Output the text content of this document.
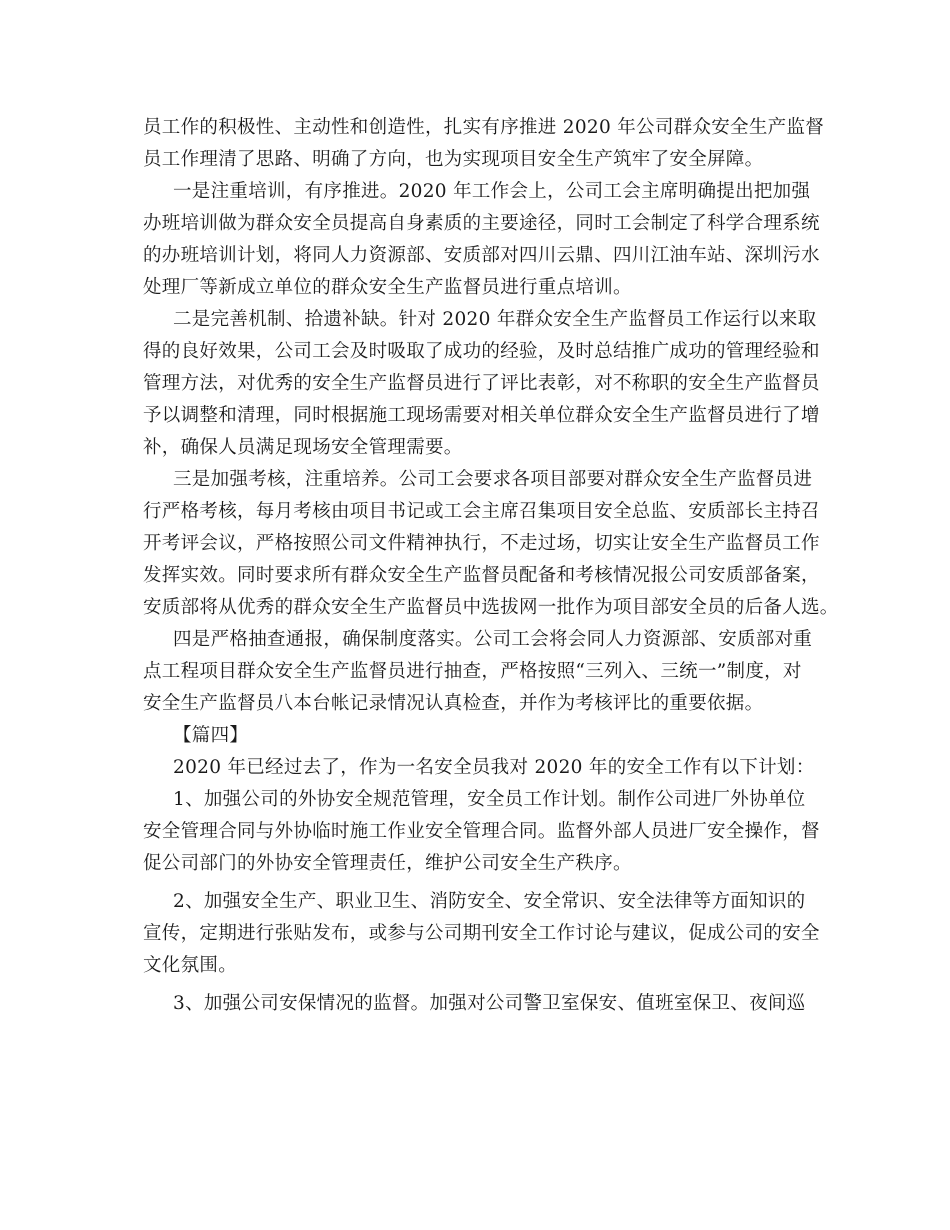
员工作的积极性、主动性和创造性，扎实有序推进 2020 年公司群众安全生产监督
员工作理清了思路、明确了方向，也为实现项目安全生产筑牢了安全屏障。
一是注重培训，有序推进。2020 年工作会上，公司工会主席明确提出把加强
办班培训做为群众安全员提高自身素质的主要途径，同时工会制定了科学合理系统
的办班培训计划，将同人力资源部、安质部对四川云鼎、四川江油车站、深圳污水
处理厂等新成立单位的群众安全生产监督员进行重点培训。
二是完善机制、拾遗补缺。针对 2020 年群众安全生产监督员工作运行以来取
得的良好效果，公司工会及时吸取了成功的经验，及时总结推广成功的管理经验和
管理方法，对优秀的安全生产监督员进行了评比表彰，对不称职的安全生产监督员
予以调整和清理，同时根据施工现场需要对相关单位群众安全生产监督员进行了增
补，确保人员满足现场安全管理需要。
三是加强考核，注重培养。公司工会要求各项目部要对群众安全生产监督员进
行严格考核，每月考核由项目书记或工会主席召集项目安全总监、安质部长主持召
开考评会议，严格按照公司文件精神执行，不走过场，切实让安全生产监督员工作
发挥实效。同时要求所有群众安全生产监督员配备和考核情况报公司安质部备案，
安质部将从优秀的群众安全生产监督员中选拔网一批作为项目部安全员的后备人选。
四是严格抽查通报，确保制度落实。公司工会将会同人力资源部、安质部对重
点工程项目群众安全生产监督员进行抽查，严格按照“三列入、三统一”制度，对
安全生产监督员八本台帐记录情况认真检查，并作为考核评比的重要依据。
【篇四】
2020 年已经过去了，作为一名安全员我对 2020 年的安全工作有以下计划：
1、加强公司的外协安全规范管理，安全员工作计划。制作公司进厂外协单位
安全管理合同与外协临时施工作业安全管理合同。监督外部人员进厂安全操作，督
促公司部门的外协安全管理责任，维护公司安全生产秩序。
2、加强安全生产、职业卫生、消防安全、安全常识、安全法律等方面知识的
宣传，定期进行张贴发布，或参与公司期刊安全工作讨论与建议，促成公司的安全
文化氛围。
3、加强公司安保情况的监督。加强对公司警卫室保安、值班室保卫、夜间巡
